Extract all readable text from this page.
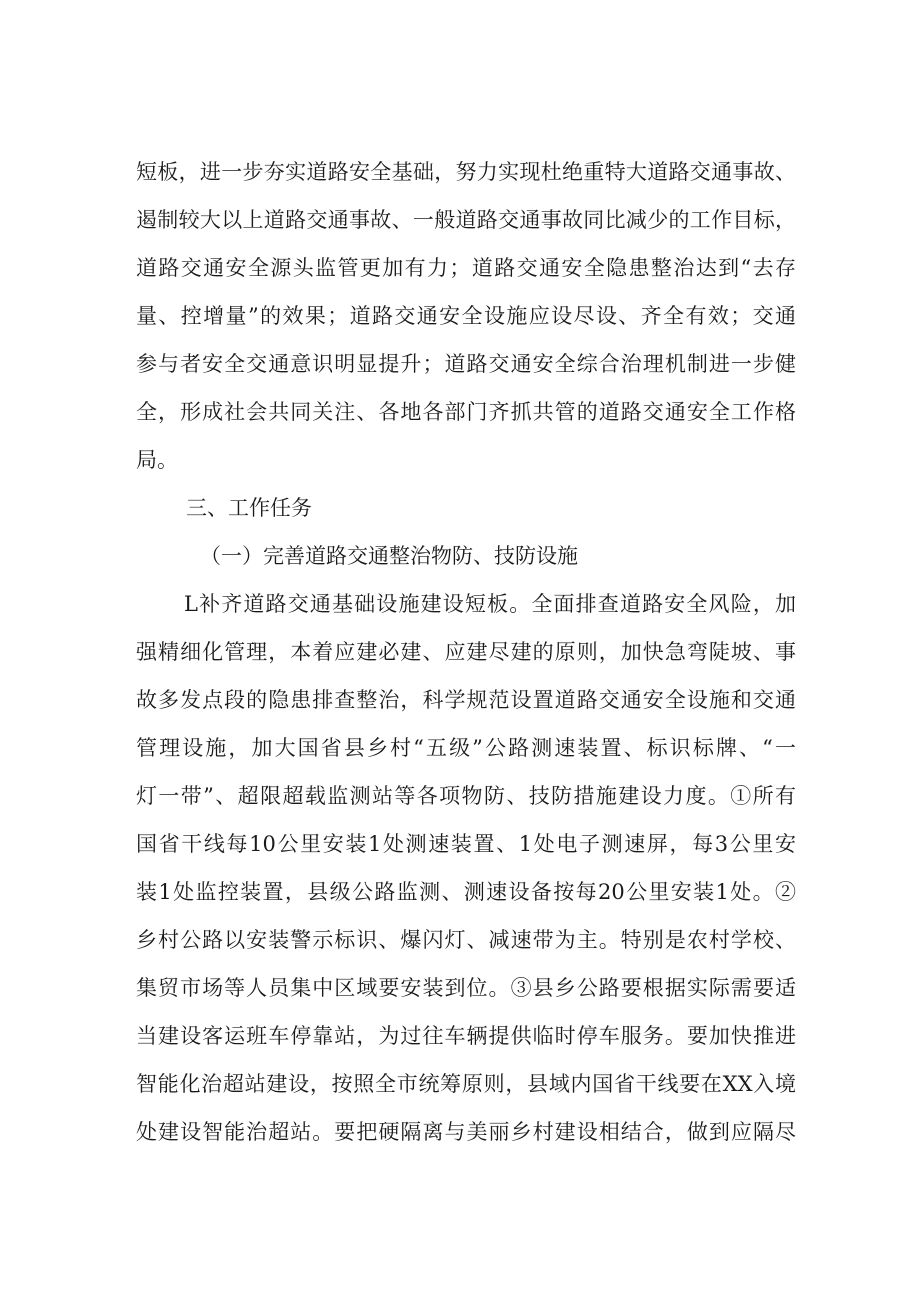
短板，进一步夯实道路安全基础，努力实现杜绝重特大道路交通事故、
遏制较大以上道路交通事故、一般道路交通事故同比减少的工作目标，
道路交通安全源头监管更加有力；道路交通安全隐患整治达到“去存
量、控增量”的效果；道路交通安全设施应设尽设、齐全有效；交通
参与者安全交通意识明显提升；道路交通安全综合治理机制进一步健
全，形成社会共同关注、各地各部门齐抓共管的道路交通安全工作格
局。
三、工作任务
（一）完善道路交通整治物防、技防设施
L补齐道路交通基础设施建设短板。全面排查道路安全风险，加
强精细化管理，本着应建必建、应建尽建的原则，加快急弯陡坡、事
故多发点段的隐患排查整治，科学规范设置道路交通安全设施和交通
管理设施，加大国省县乡村“五级”公路测速装置、标识标牌、“一
灯一带”、超限超载监测站等各项物防、技防措施建设力度。①所有
国省干线每10公里安装1处测速装置、1处电子测速屏，每3公里安
装1处监控装置，县级公路监测、测速设备按每20公里安装1处。②
乡村公路以安装警示标识、爆闪灯、减速带为主。特别是农村学校、
集贸市场等人员集中区域要安装到位。③县乡公路要根据实际需要适
当建设客运班车停靠站，为过往车辆提供临时停车服务。要加快推进
智能化治超站建设，按照全市统筹原则，县域内国省干线要在XX入境
处建设智能治超站。要把硬隔离与美丽乡村建设相结合，做到应隔尽
